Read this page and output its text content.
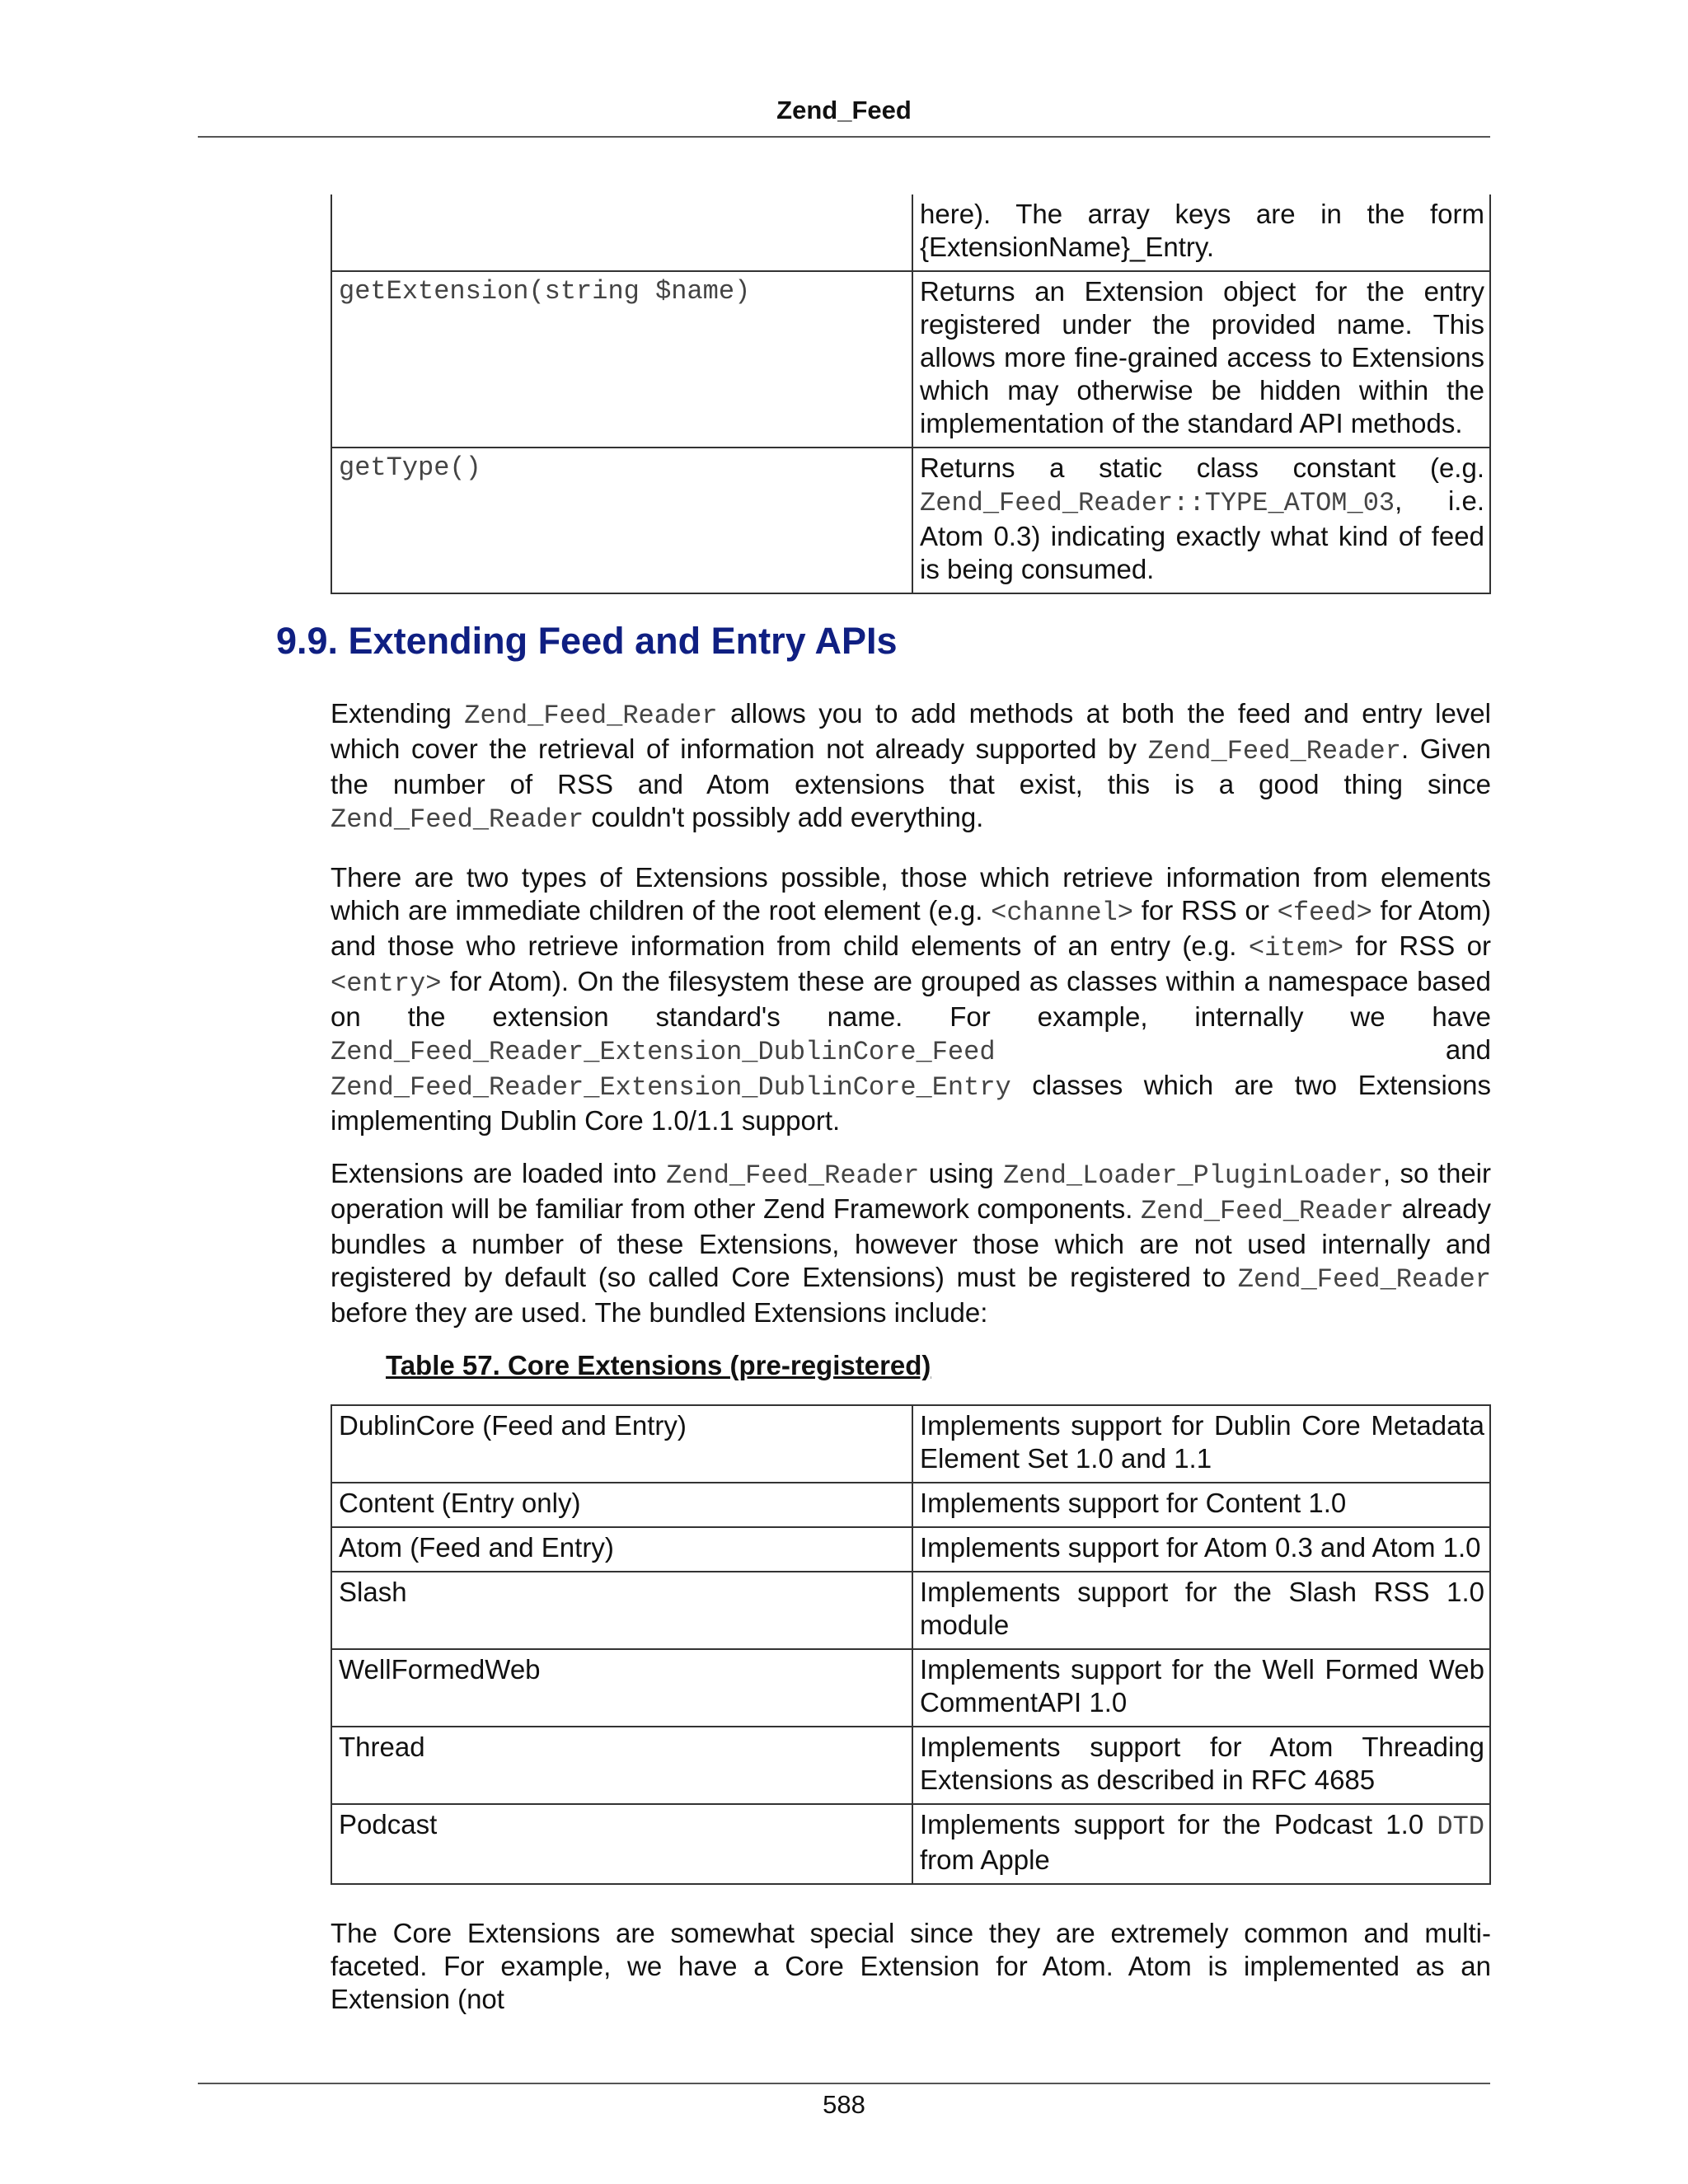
Zend_Feed
	here). The array keys are in the form {ExtensionName}_Entry.
getExtension(string $name)	Returns an Extension object for the entry registered under the provided name. This allows more fine-grained access to Extensions which may otherwise be hidden within the implementation of the standard API methods.
getType()	Returns a static class constant (e.g. Zend_Feed_Reader::TYPE_ATOM_03, i.e. Atom 0.3) indicating exactly what kind of feed is being consumed.
9.9. Extending Feed and Entry APIs

Extending Zend_Feed_Reader allows you to add methods at both the feed and entry level which cover the retrieval of information not already supported by Zend_Feed_Reader. Given the number of RSS and Atom extensions that exist, this is a good thing since Zend_Feed_Reader couldn't possibly add everything.

There are two types of Extensions possible, those which retrieve information from elements which are immediate children of the root element (e.g. <channel> for RSS or <feed> for Atom) and those who retrieve information from child elements of an entry (e.g. <item> for RSS or <entry> for Atom). On the filesystem these are grouped as classes within a namespace based on the extension standard's name. For example, internally we have Zend_Feed_Reader_Extension_DublinCore_Feed and Zend_Feed_Reader_Extension_DublinCore_Entry classes which are two Extensions implementing Dublin Core 1.0/1.1 support.

Extensions are loaded into Zend_Feed_Reader using Zend_Loader_PluginLoader, so their operation will be familiar from other Zend Framework components. Zend_Feed_Reader already bundles a number of these Extensions, however those which are not used internally and registered by default (so called Core Extensions) must be registered to Zend_Feed_Reader before they are used. The bundled Extensions include:

Table 57. Core Extensions (pre-registered)
DublinCore (Feed and Entry)	Implements support for Dublin Core Metadata Element Set 1.0 and 1.1
Content (Entry only)	Implements support for Content 1.0
Atom (Feed and Entry)	Implements support for Atom 0.3 and Atom 1.0
Slash	Implements support for the Slash RSS 1.0 module
WellFormedWeb	Implements support for the Well Formed Web CommentAPI 1.0
Thread	Implements support for Atom Threading Extensions as described in RFC 4685
Podcast	Implements support for the Podcast 1.0 DTD from Apple

The Core Extensions are somewhat special since they are extremely common and multi-faceted. For example, we have a Core Extension for Atom. Atom is implemented as an Extension (not

588
